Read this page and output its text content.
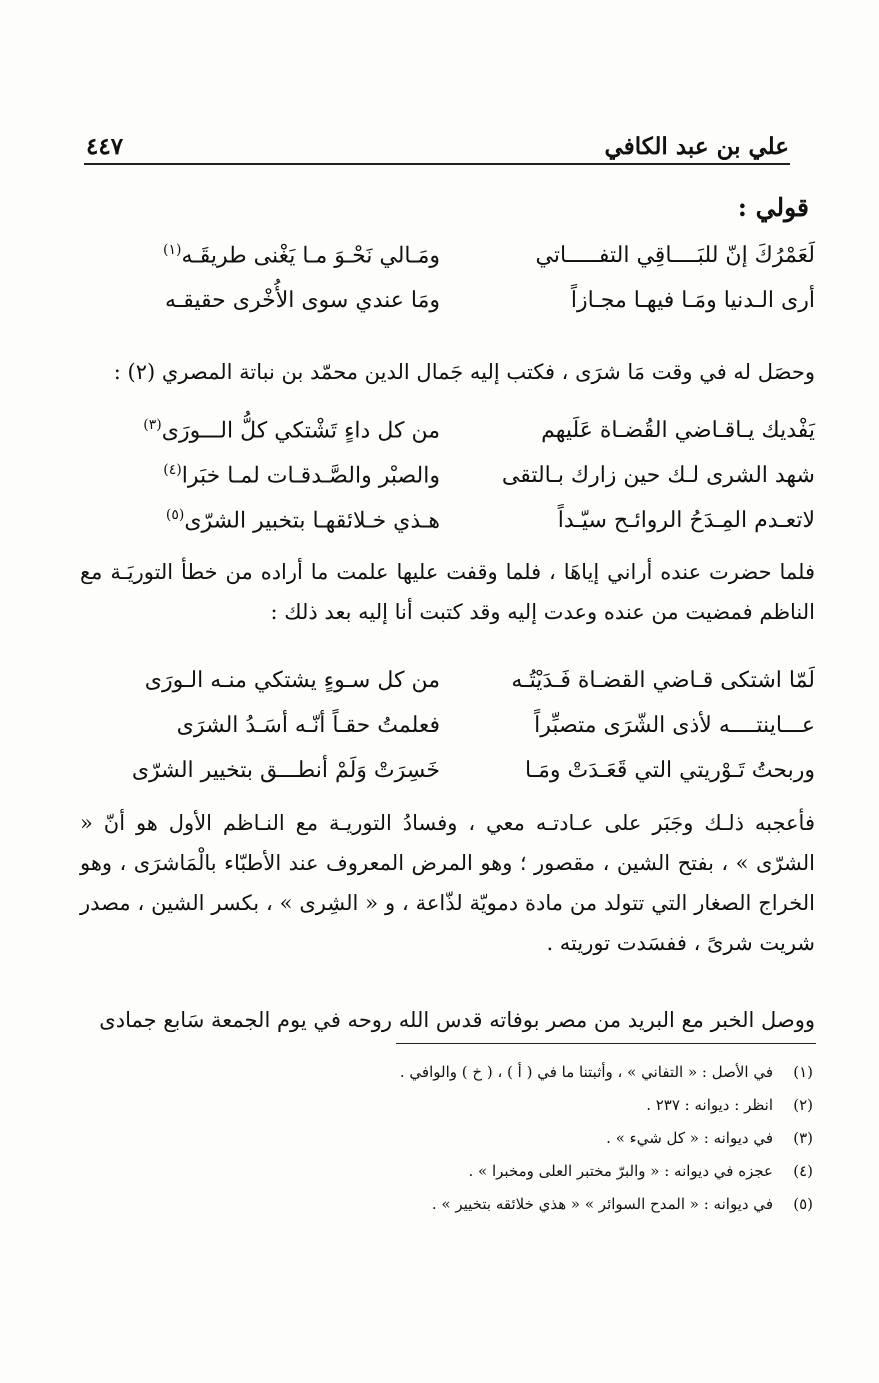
علي بن عبد الكافي
٤٤٧
قولي :
لَعَمْرُكَ إنّ للبَــــاقِي التفـــــاتي
ومَـالي نَحْـوَ مـا يَغْنى طريقَـه$^{(١)}$
أرى الـدنيا ومَـا فيهـا مجـازاً
ومَا عندي سوى الأُخْرى حقيقـه
وحصَل له في وقت مَا شرَى ، فكتب إليه جَمال الدين محمّد بن نباتة المصري (٢) :
يَفْديك يـاقـاضي القُضـاة عَلَيهم
من كل داءٍ تَشْتكي كلُّ الـــورَى$^{(٣)}$
شهد الشرى لـك حين زارك بـالتقى
والصبْر والصَّـدقـات لمـا خبَرا$^{(٤)}$
لاتعـدم المِـدَحُ الروائـح سيّـداً
هـذي خـلائقهـا بتخبير الشرّى$^{(٥)}$
فلما حضرت عنده أراني إياهَا ، فلما وقفت عليها علمت ما أراده من خطأ التوريَـة مع الناظم فمضيت من عنده وعدت إليه وقد كتبت أنا إليه بعد ذلك :
لَمّا اشتكى قـاضي القضـاة فَـدَيْتُـه
من كل سـوءٍ يشتكي منـه الـورَى
عـــاينتــــه لأذى الشّرَى متصبِّراً
فعلمتُ حقـاً أنّـه أسَـدُ الشرَى
وربحتُ تَـوْريتي التي قَعَـدَتْ ومَـا
خَسِرَتْ وَلَمْ أنطـــق بتخيير الشرّى
فأعجبه ذلـك وجَبَر على عـادتـه معي ، وفسادُ التوريـة مع النـاظم الأول هو أنّ « الشرّى » ، بفتح الشين ، مقصور ؛ وهو المرض المعروف عند الأطبّاء بالْمَاشرَى ، وهو الخراج الصغار التي تتولد من مادة دمويّة لذّاعة ، و « الشِرى » ، بكسر الشين ، مصدر شريت شرىً ، ففسَدت توريته .
ووصل الخبر مع البريد من مصر بوفاته قدس الله روحه في يوم الجمعة سَابع جمادى
(١)
في الأصل : « التفاني » ، وأثبتنا ما في ( أ ) ، ( خ ) والوافي .
(٢)
انظر : ديوانه : ٢٣٧ .
(٣)
في ديوانه : « كل شيء » .
(٤)
عجزه في ديوانه : « والبرّ مختبر العلى ومخبرا » .
(٥)
في ديوانه : « المدح السوائر » « هذي خلائقه بتخيير » .
